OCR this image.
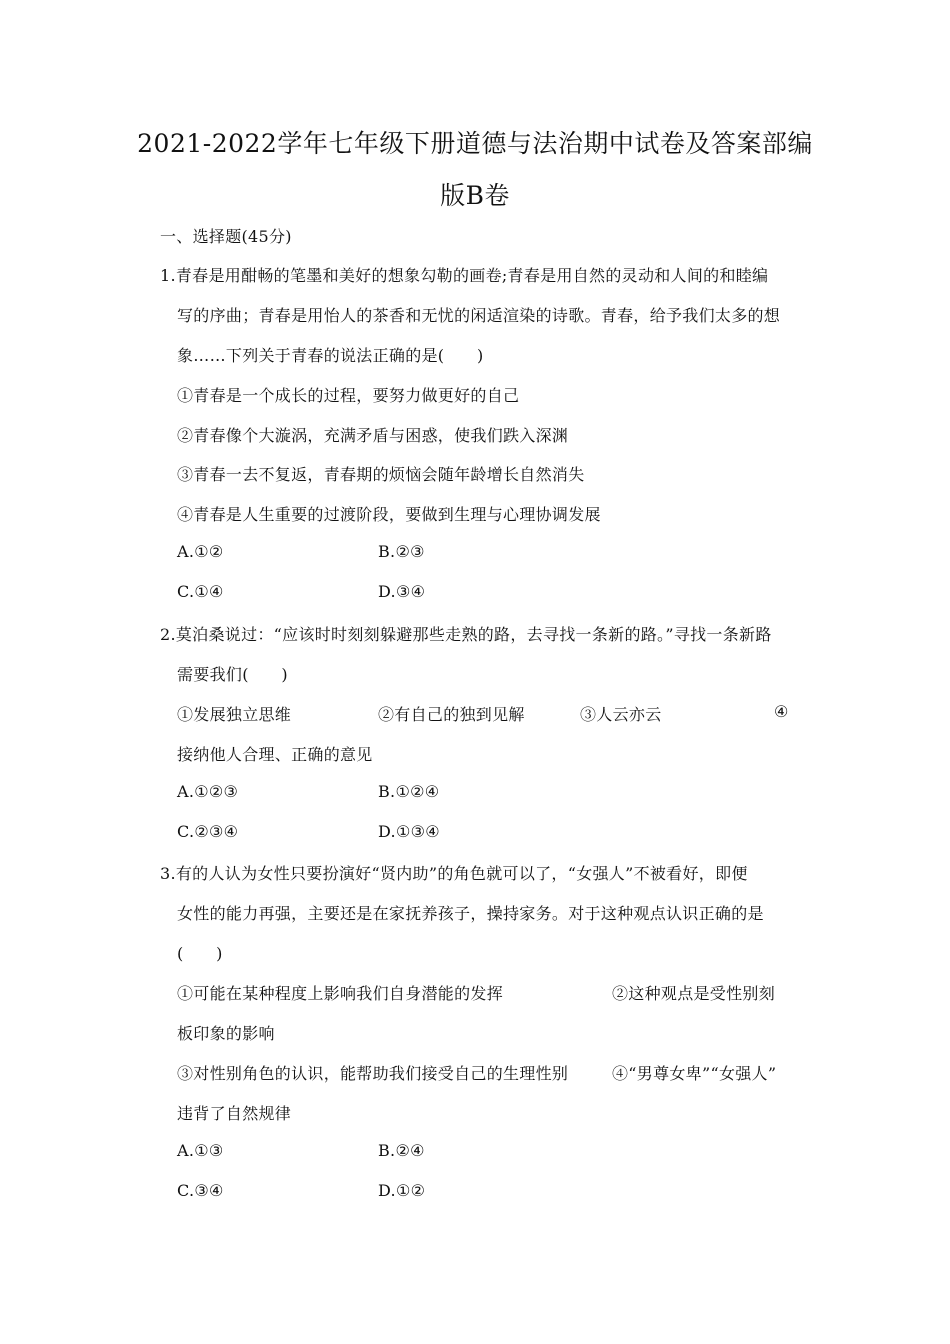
2021-2022学年七年级下册道德与法治期中试卷及答案部编
版B卷
一、选择题(45分)
1.青春是用酣畅的笔墨和美好的想象勾勒的画卷;青春是用自然的灵动和人间的和睦编
写的序曲；青春是用怡人的茶香和无忧的闲适渲染的诗歌。青春，给予我们太多的想
象……下列关于青春的说法正确的是(　　)
①青春是一个成长的过程，要努力做更好的自己
②青春像个大漩涡，充满矛盾与困惑，使我们跌入深渊
③青春一去不复返，青春期的烦恼会随年龄增长自然消失
④青春是人生重要的过渡阶段，要做到生理与心理协调发展
A.①②	B.②③
C.①④	D.③④
2.莫泊桑说过：“应该时时刻刻躲避那些走熟的路，去寻找一条新的路。”寻找一条新路
需要我们(　　)
①发展独立思维	②有自己的独到见解	③人云亦云	④
接纳他人合理、正确的意见
A.①②③	B.①②④
C.②③④	D.①③④
3.有的人认为女性只要扮演好“贤内助”的角色就可以了，“女强人”不被看好，即便
女性的能力再强，主要还是在家抚养孩子，操持家务。对于这种观点认识正确的是
(　　)
①可能在某种程度上影响我们自身潜能的发挥	②这种观点是受性别刻
板印象的影响
③对性别角色的认识，能帮助我们接受自己的生理性别	④“男尊女卑”“女强人”
违背了自然规律
A.①③	B.②④
C.③④	D.①②
